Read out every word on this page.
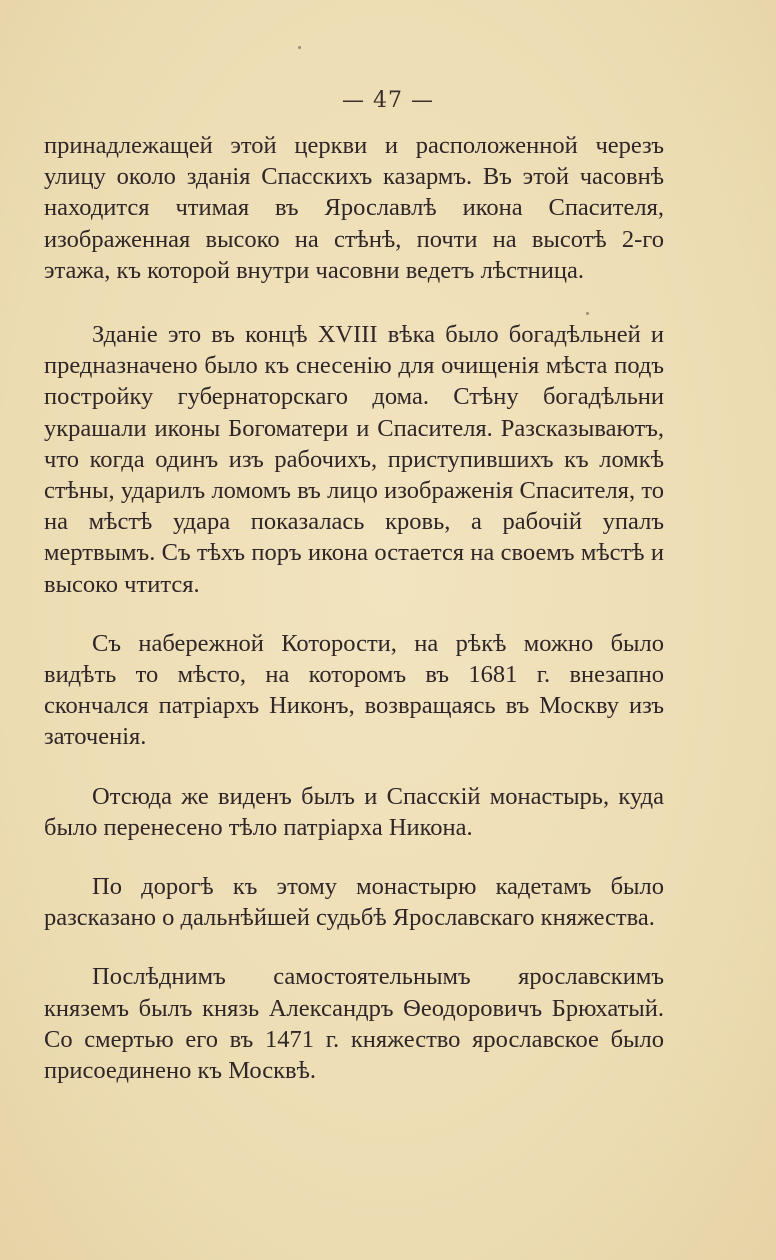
— 47 —

принадлежащей этой церкви и расположенной черезъ улицу около зданія Спасскихъ казармъ. Въ этой часовнѣ находится чтимая въ Ярославлѣ икона Спасителя, изображенная высоко на стѣнѣ, почти на высотѣ 2-го этажа, къ которой внутри часовни ведетъ лѣстница.

Зданіе это въ концѣ XVIII вѣка было богадѣльней и предназначено было къ снесенію для очищенія мѣста подъ постройку губернаторскаго дома. Стѣну богадѣльни украшали иконы Богоматери и Спасителя. Разсказываютъ, что когда одинъ изъ рабочихъ, приступившихъ къ ломкѣ стѣны, ударилъ ломомъ въ лицо изображенія Спасителя, то на мѣстѣ удара показалась кровь, а рабочій упалъ мертвымъ. Съ тѣхъ поръ икона остается на своемъ мѣстѣ и высоко чтится.

Съ набережной Которости, на рѣкѣ можно было видѣть то мѣсто, на которомъ въ 1681 г. внезапно скончался патріархъ Никонъ, возвращаясь въ Москву изъ заточенія.

Отсюда же виденъ былъ и Спасскій монастырь, куда было перенесено тѣло патріарха Никона.

По дорогѣ къ этому монастырю кадетамъ было разсказано о дальнѣйшей судьбѣ Ярославскаго княжества.

Послѣднимъ самостоятельнымъ ярославскимъ княземъ былъ князь Александръ Ѳеодоровичъ Брюхатый. Со смертью его въ 1471 г. княжество ярославское было присоединено къ Москвѣ.
